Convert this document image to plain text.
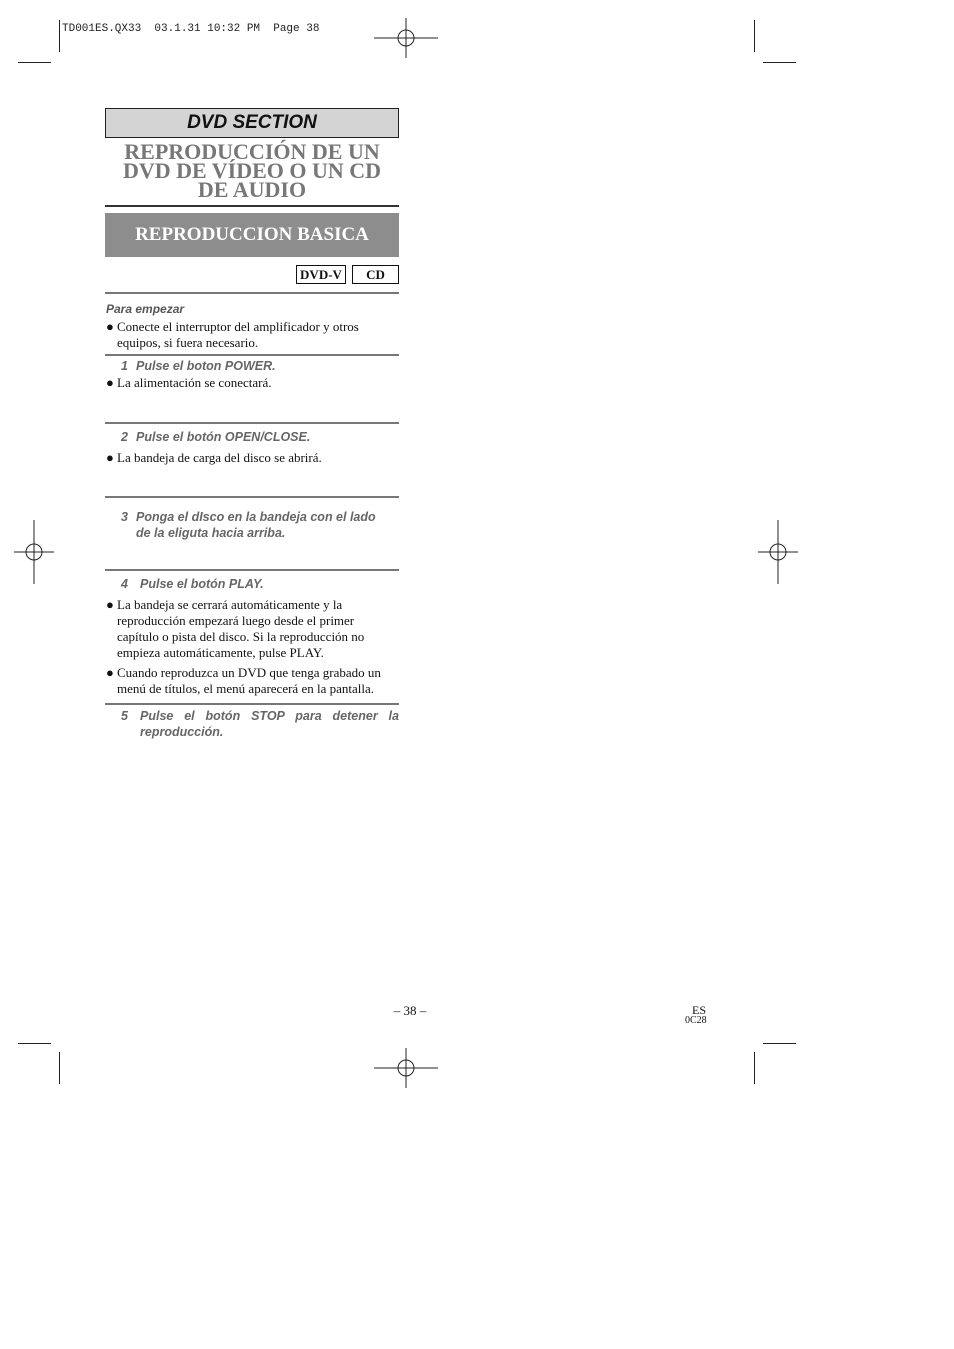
TD001ES.QX33  03.1.31 10:32 PM  Page 38
DVD SECTION
REPRODUCCIÓN DE UN
DVD DE VÍDEO O UN CD
DE AUDIO
REPRODUCCION BASICA
DVD-V	CD
Para empezar
● Conecte el interruptor del amplificador y otros
equipos, si fuera necesario.
1 Pulse el boton POWER.
● La alimentación se conectará.
2 Pulse el botón OPEN/CLOSE.
● La bandeja de carga del disco se abrirá.
3 Ponga el dIsco en la bandeja con el lado
de la eliguta hacia arriba.
4 Pulse el botón PLAY.
● La bandeja se cerrará automáticamente y la
reproducción empezará luego desde el primer
capítulo o pista del disco. Si la reproducción no
empieza automáticamente, pulse PLAY.
● Cuando reproduzca un DVD que tenga grabado un
menú de títulos, el menú aparecerá en la pantalla.
5 Pulse el botón STOP para detener la
reproducción.
– 38 –	ES
0C28
